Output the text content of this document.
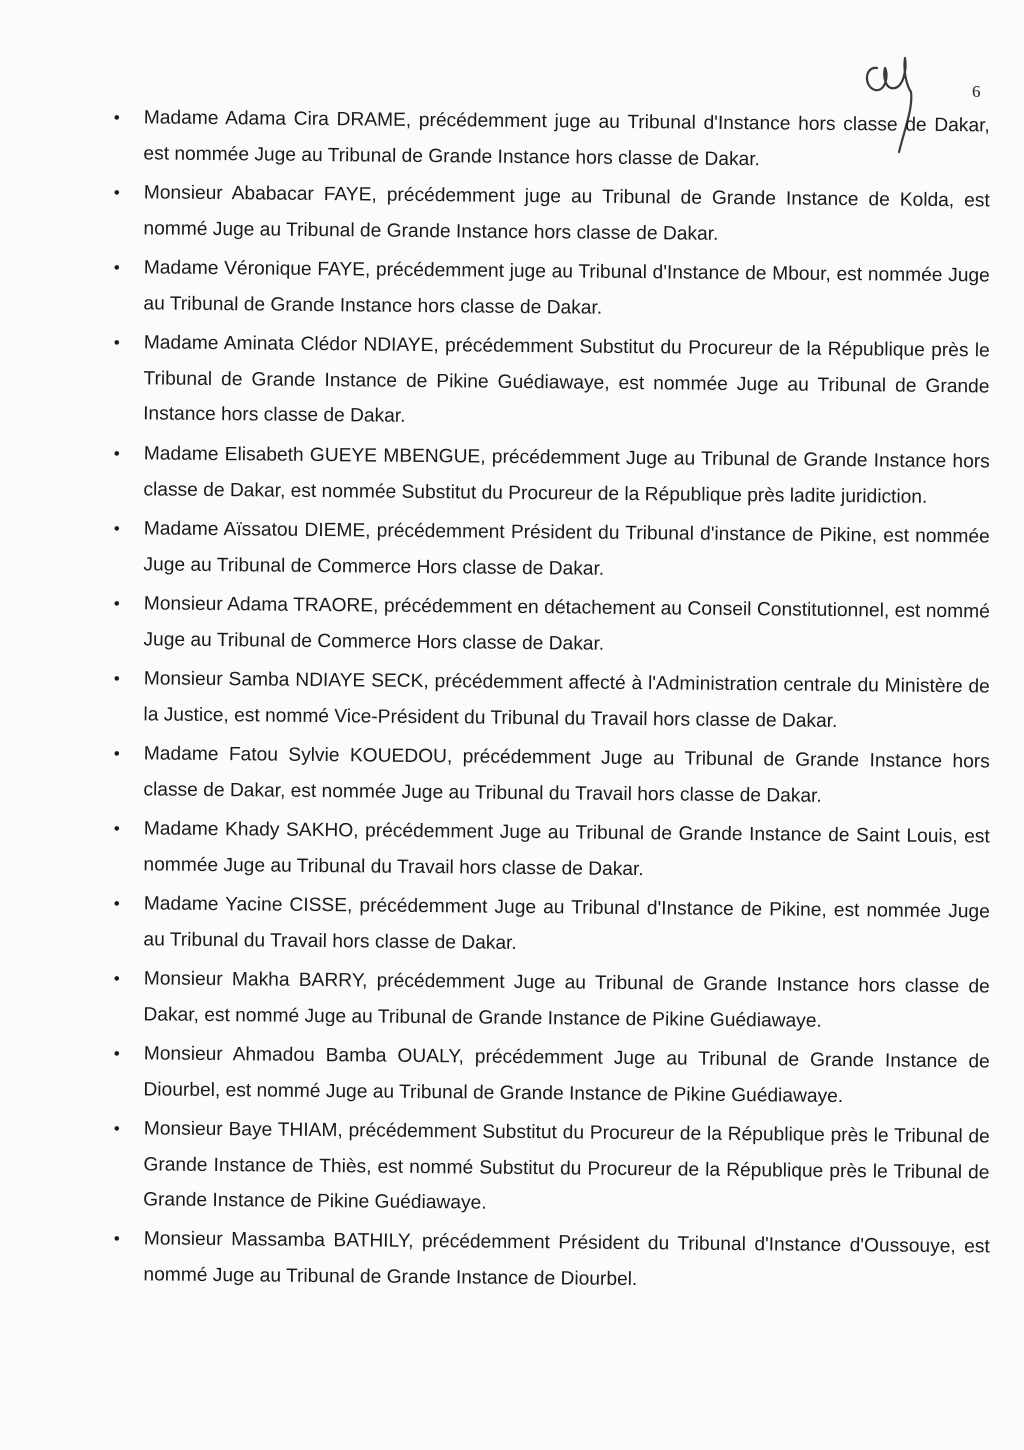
6
• Madame Adama Cira DRAME, précédemment juge au Tribunal d'Instance hors classe de Dakar, est nommée Juge au Tribunal de Grande Instance hors classe de Dakar.
• Monsieur Ababacar FAYE, précédemment juge au Tribunal de Grande Instance de Kolda, est nommé Juge au Tribunal de Grande Instance hors classe de Dakar.
• Madame Véronique FAYE, précédemment juge au Tribunal d'Instance de Mbour, est nommée Juge au Tribunal de Grande Instance hors classe de Dakar.
• Madame Aminata Clédor NDIAYE, précédemment Substitut du Procureur de la République près le Tribunal de Grande Instance de Pikine Guédiawaye, est nommée Juge au Tribunal de Grande Instance hors classe de Dakar.
• Madame Elisabeth GUEYE MBENGUE, précédemment Juge au Tribunal de Grande Instance hors classe de Dakar, est nommée Substitut du Procureur de la République près ladite juridiction.
• Madame Aïssatou DIEME, précédemment Président du Tribunal d'instance de Pikine, est nommée Juge au Tribunal de Commerce Hors classe de Dakar.
• Monsieur Adama TRAORE, précédemment en détachement au Conseil Constitutionnel, est nommé Juge au Tribunal de Commerce Hors classe de Dakar.
• Monsieur Samba NDIAYE SECK, précédemment affecté à l'Administration centrale du Ministère de la Justice, est nommé Vice-Président du Tribunal du Travail hors classe de Dakar.
• Madame Fatou Sylvie KOUEDOU, précédemment Juge au Tribunal de Grande Instance hors classe de Dakar, est nommée Juge au Tribunal du Travail hors classe de Dakar.
• Madame Khady SAKHO, précédemment Juge au Tribunal de Grande Instance de Saint Louis, est nommée Juge au Tribunal du Travail hors classe de Dakar.
• Madame Yacine CISSE, précédemment Juge au Tribunal d'Instance de Pikine, est nommée Juge au Tribunal du Travail hors classe de Dakar.
• Monsieur Makha BARRY, précédemment Juge au Tribunal de Grande Instance hors classe de Dakar, est nommé Juge au Tribunal de Grande Instance de Pikine Guédiawaye.
• Monsieur Ahmadou Bamba OUALY, précédemment Juge au Tribunal de Grande Instance de Diourbel, est nommé Juge au Tribunal de Grande Instance de Pikine Guédiawaye.
• Monsieur Baye THIAM, précédemment Substitut du Procureur de la République près le Tribunal de Grande Instance de Thiès, est nommé Substitut du Procureur de la République près le Tribunal de Grande Instance de Pikine Guédiawaye.
• Monsieur Massamba BATHILY, précédemment Président du Tribunal d'Instance d'Oussouye, est nommé Juge au Tribunal de Grande Instance de Diourbel.
